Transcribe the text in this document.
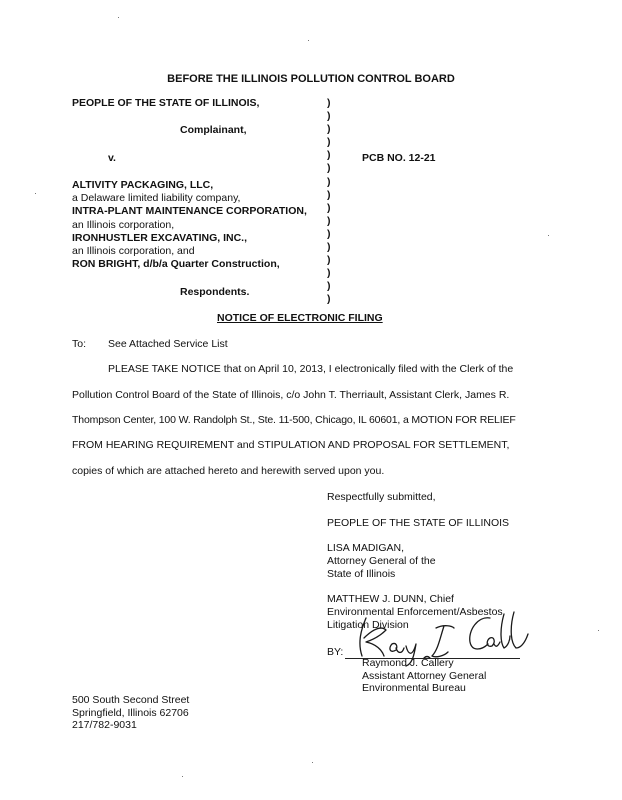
BEFORE THE ILLINOIS POLLUTION CONTROL BOARD
PEOPLE OF THE STATE OF ILLINOIS,
Complainant,
v.	PCB NO. 12-21
ALTIVITY PACKAGING, LLC,
a Delaware limited liability company,
INTRA-PLANT MAINTENANCE CORPORATION,
an Illinois corporation,
IRONHUSTLER EXCAVATING, INC.,
an Illinois corporation, and
RON BRIGHT, d/b/a Quarter Construction,
Respondents.
)
)
)
)
)
)
)
)
)
)
)
)
)
)
)
)
NOTICE OF ELECTRONIC FILING
To: See Attached Service List
PLEASE TAKE NOTICE that on April 10, 2013, I electronically filed with the Clerk of the
Pollution Control Board of the State of Illinois, c/o John T. Therriault, Assistant Clerk, James R.
Thompson Center, 100 W. Randolph St., Ste. 11-500, Chicago, IL 60601, a MOTION FOR RELIEF
FROM HEARING REQUIREMENT and STIPULATION AND PROPOSAL FOR SETTLEMENT,
copies of which are attached hereto and herewith served upon you.
Respectfully submitted,
PEOPLE OF THE STATE OF ILLINOIS
LISA MADIGAN,
Attorney General of the
State of Illinois
MATTHEW J. DUNN, Chief
Environmental Enforcement/Asbestos
Litigation Division
BY:
Raymond J. Callery
Assistant Attorney General
Environmental Bureau
500 South Second Street
Springfield, Illinois 62706
217/782-9031
